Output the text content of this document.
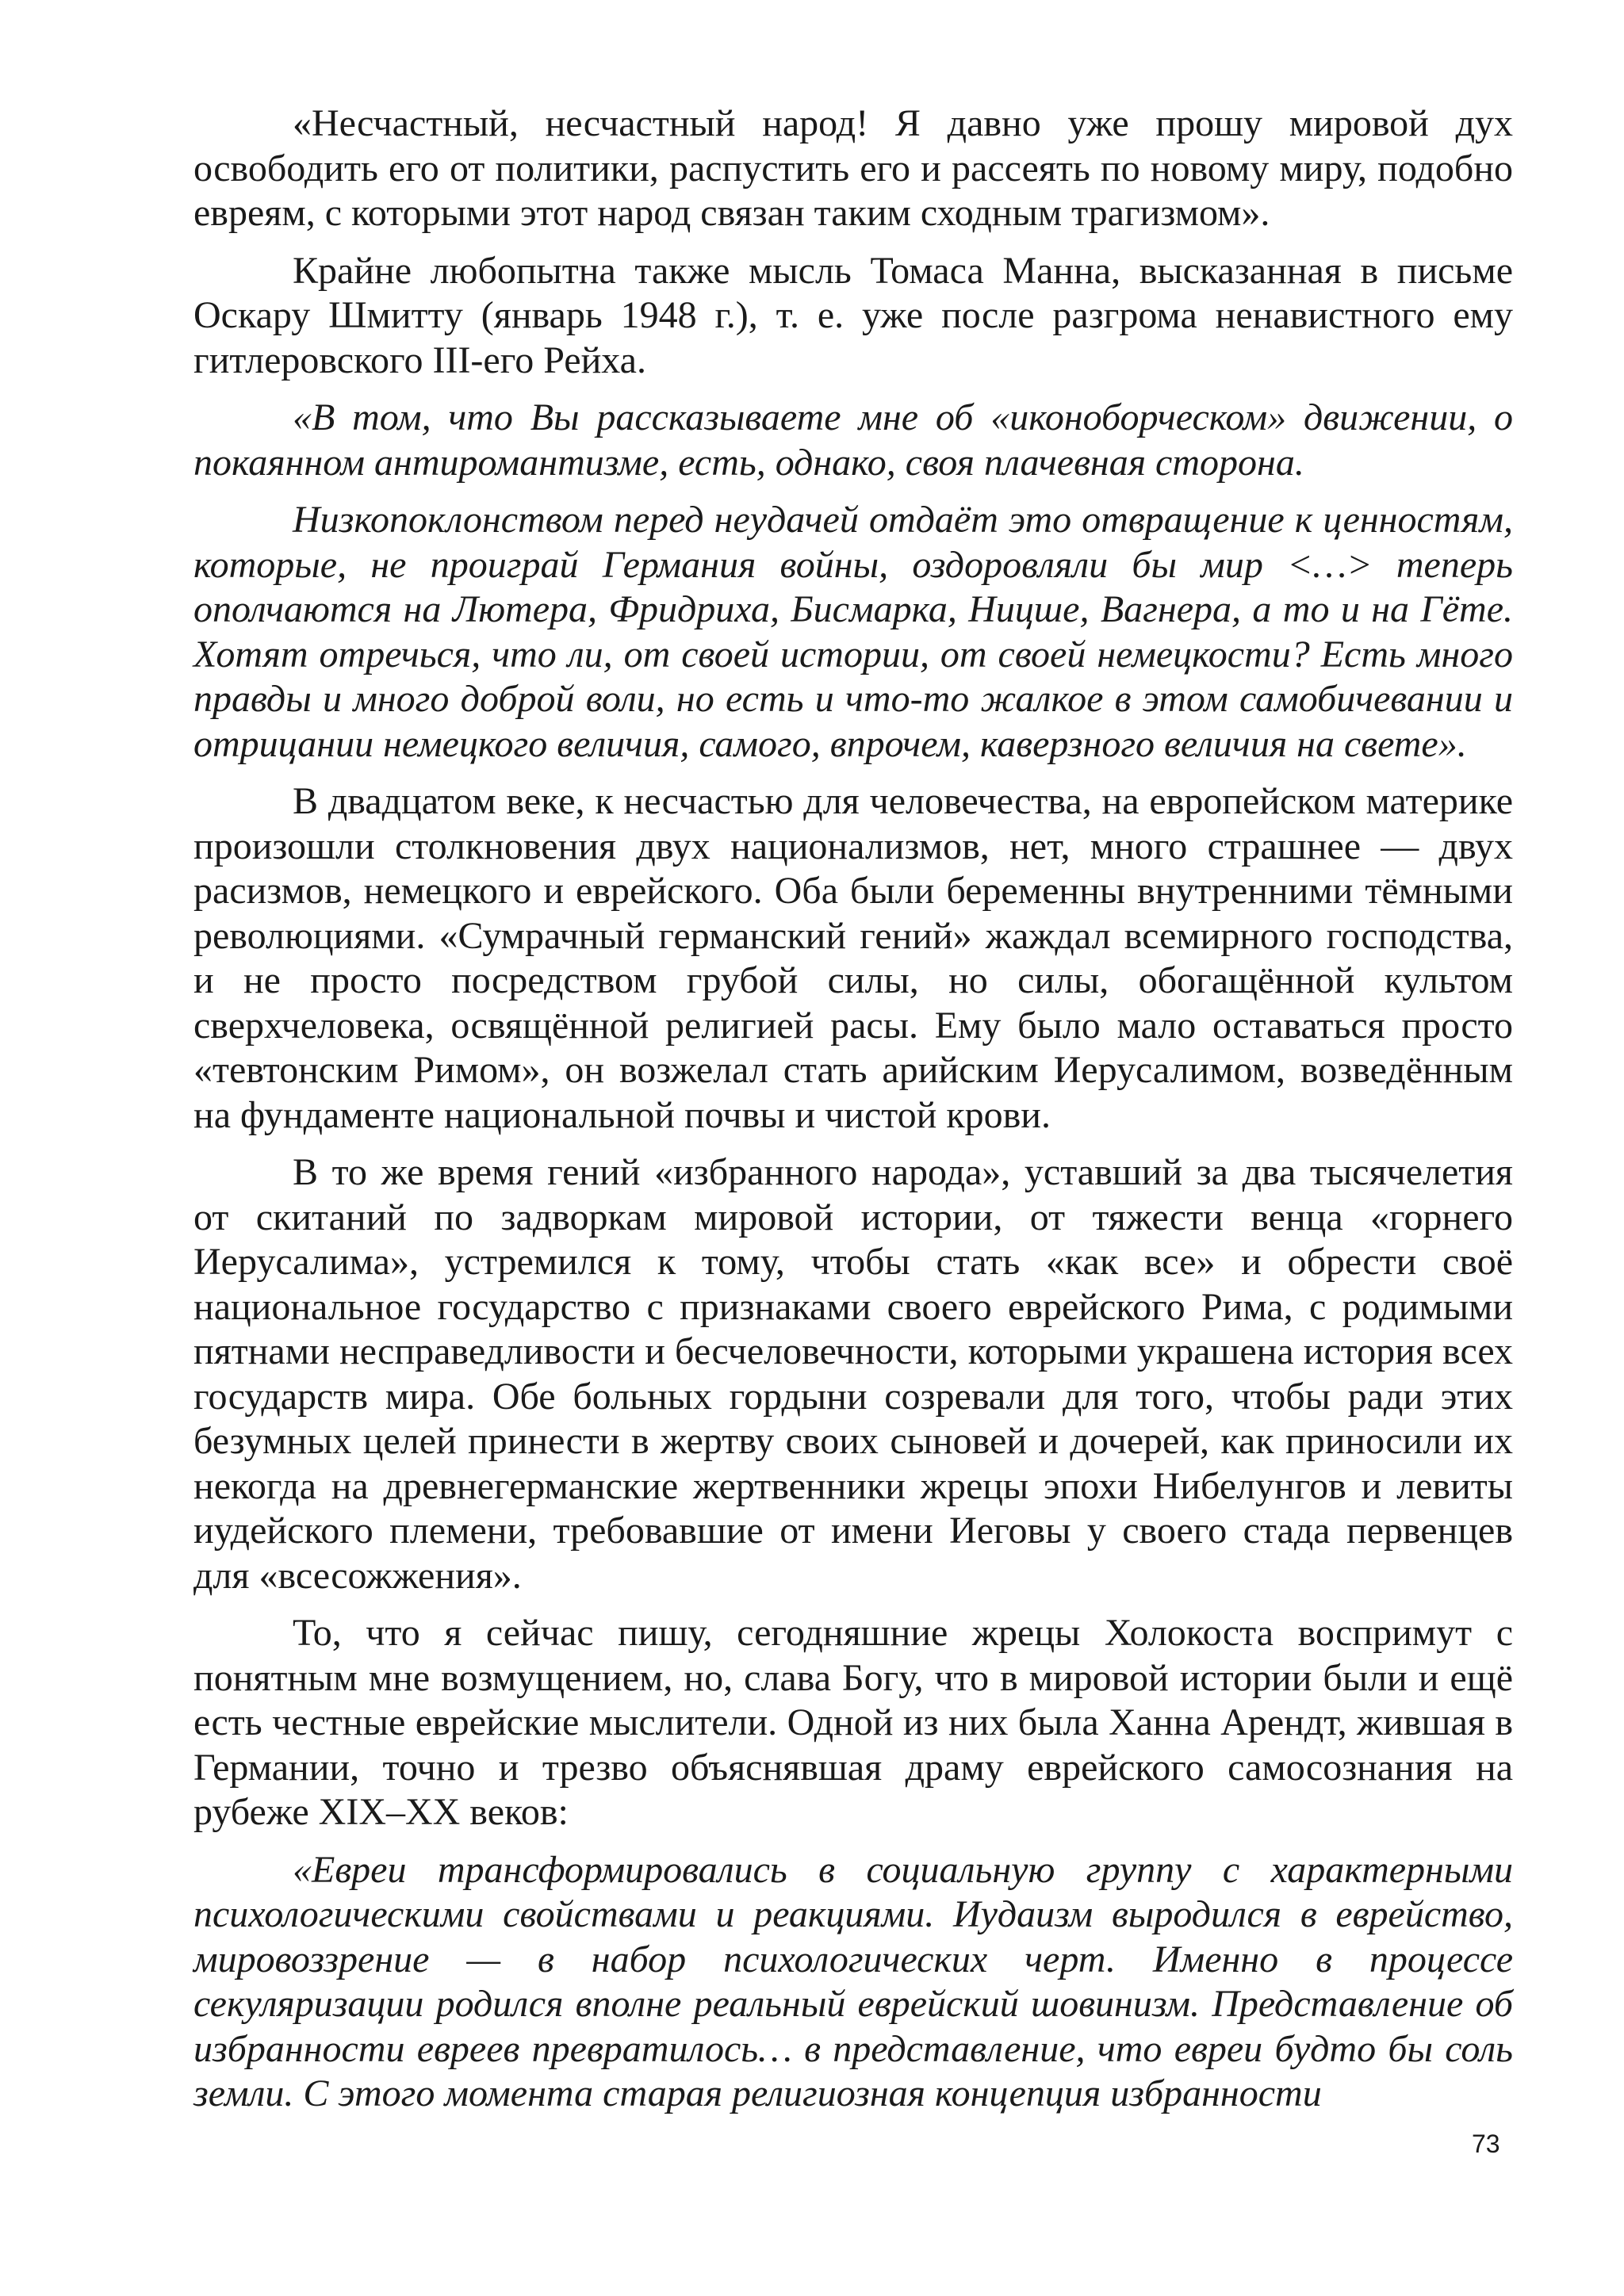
«Несчастный, несчастный народ! Я давно уже прошу мировой дух освободить его от политики, распустить его и рассеять по новому миру, подобно евреям, с которыми этот народ связан таким сходным трагизмом».

Крайне любопытна также мысль Томаса Манна, высказанная в письме Оскару Шмитту (январь 1948 г.), т. е. уже после разгрома ненавистного ему гитлеровского III-его Рейха.

«В том, что Вы рассказываете мне об «иконоборческом» движении, о покаянном антиромантизме, есть, однако, своя плачевная сторона.

Низкопоклонством перед неудачей отдаёт это отвращение к ценностям, которые, не проиграй Германия войны, оздоровляли бы мир <…> теперь ополчаются на Лютера, Фридриха, Бисмарка, Ницше, Вагнера, а то и на Гёте. Хотят отречься, что ли, от своей истории, от своей немецкости? Есть много правды и много доброй воли, но есть и что-то жалкое в этом самобичевании и отрицании немецкого величия, самого, впрочем, каверзного величия на свете».

В двадцатом веке, к несчастью для человечества, на европейском материке произошли столкновения двух национализмов, нет, много страшнее — двух расизмов, немецкого и еврейского. Оба были беременны внутренними тёмными революциями. «Сумрачный германский гений» жаждал всемирного господства, и не просто посредством грубой силы, но силы, обогащённой культом сверхчеловека, освящённой религией расы. Ему было мало оставаться просто «тевтонским Римом», он возжелал стать арийским Иерусалимом, возведённым на фундаменте национальной почвы и чистой крови.

В то же время гений «избранного народа», уставший за два тысячелетия от скитаний по задворкам мировой истории, от тяжести венца «горнего Иерусалима», устремился к тому, чтобы стать «как все» и обрести своё национальное государство с признаками своего еврейского Рима, с родимыми пятнами несправедливости и бесчеловечности, которыми украшена история всех государств мира. Обе больных гордыни созревали для того, чтобы ради этих безумных целей принести в жертву своих сыновей и дочерей, как приносили их некогда на древнегерманские жертвенники жрецы эпохи Нибелунгов и левиты иудейского племени, требовавшие от имени Иеговы у своего стада первенцев для «всесожжения».

То, что я сейчас пишу, сегодняшние жрецы Холокоста воспримут с понятным мне возмущением, но, слава Богу, что в мировой истории были и ещё есть честные еврейские мыслители. Одной из них была Ханна Арендт, жившая в Германии, точно и трезво объяснявшая драму еврейского самосознания на рубеже XIX–XX веков:

«Евреи трансформировались в социальную группу с характерными психологическими свойствами и реакциями. Иудаизм выродился в еврейство, мировоззрение — в набор психологических черт. Именно в процессе секуляризации родился вполне реальный еврейский шовинизм. Представление об избранности евреев превратилось… в представление, что евреи будто бы соль земли. С этого момента старая религиозная концепция избранности

73
